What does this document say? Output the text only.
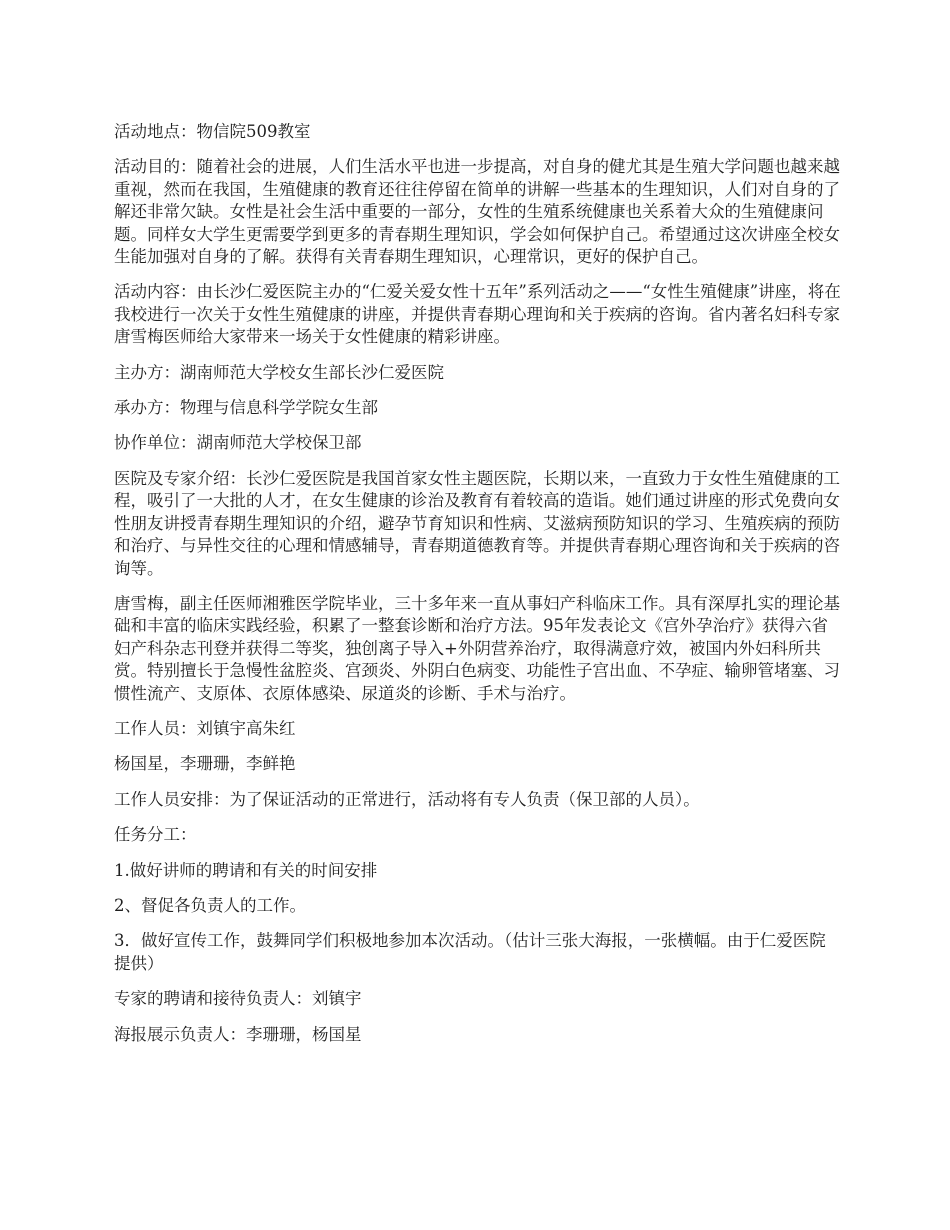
活动地点：物信院509教室

活动目的：随着社会的进展，人们生活水平也进一步提高，对自身的健尤其是生殖大学问题也越来越重视，然而在我国，生殖健康的教育还往往停留在简单的讲解一些基本的生理知识，人们对自身的了解还非常欠缺。女性是社会生活中重要的一部分，女性的生殖系统健康也关系着大众的生殖健康问题。同样女大学生更需要学到更多的青春期生理知识，学会如何保护自己。希望通过这次讲座全校女生能加强对自身的了解。获得有关青春期生理知识，心理常识，更好的保护自己。

活动内容：由长沙仁爱医院主办的“仁爱关爱女性十五年”系列活动之——“女性生殖健康”讲座，将在我校进行一次关于女性生殖健康的讲座，并提供青春期心理询和关于疾病的咨询。省内著名妇科专家唐雪梅医师给大家带来一场关于女性健康的精彩讲座。

主办方：湖南师范大学校女生部长沙仁爱医院

承办方：物理与信息科学学院女生部

协作单位：湖南师范大学校保卫部

医院及专家介绍：长沙仁爱医院是我国首家女性主题医院，长期以来，一直致力于女性生殖健康的工程，吸引了一大批的人才，在女生健康的诊治及教育有着较高的造诣。她们通过讲座的形式免费向女性朋友讲授青春期生理知识的介绍，避孕节育知识和性病、艾滋病预防知识的学习、生殖疾病的预防和治疗、与异性交往的心理和情感辅导，青春期道德教育等。并提供青春期心理咨询和关于疾病的咨询等。

唐雪梅，副主任医师湘雅医学院毕业，三十多年来一直从事妇产科临床工作。具有深厚扎实的理论基础和丰富的临床实践经验，积累了一整套诊断和治疗方法。95年发表论文《宫外孕治疗》获得六省妇产科杂志刊登并获得二等奖，独创离子导入+外阴营养治疗，取得满意疗效，被国内外妇科所共赏。特别擅长于急慢性盆腔炎、宫颈炎、外阴白色病变、功能性子宫出血、不孕症、输卵管堵塞、习惯性流产、支原体、衣原体感染、尿道炎的诊断、手术与治疗。

工作人员：刘镇宇高朱红

杨国星，李珊珊，李鲜艳

工作人员安排：为了保证活动的正常进行，活动将有专人负责（保卫部的人员）。

任务分工：

1.做好讲师的聘请和有关的时间安排

2、督促各负责人的工作。

3．做好宣传工作，鼓舞同学们积极地参加本次活动。（估计三张大海报，一张横幅。由于仁爱医院提供）

专家的聘请和接待负责人：刘镇宇

海报展示负责人：李珊珊，杨国星
